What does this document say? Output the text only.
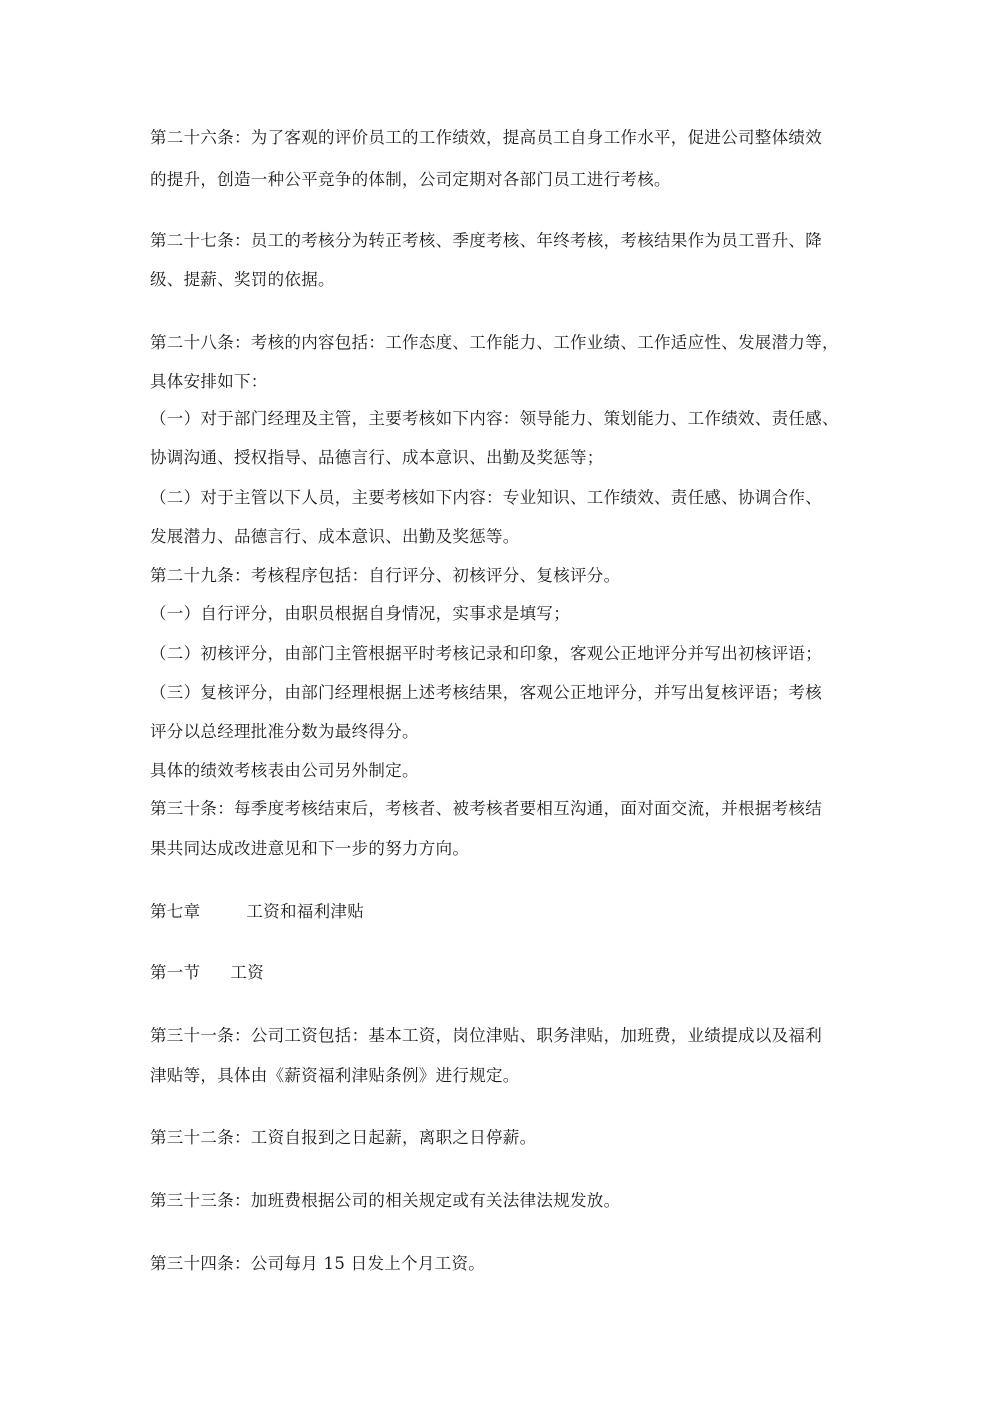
第二十六条：为了客观的评价员工的工作绩效，提高员工自身工作水平，促进公司整体绩效
的提升，创造一种公平竞争的体制，公司定期对各部门员工进行考核。
第二十七条：员工的考核分为转正考核、季度考核、年终考核，考核结果作为员工晋升、降
级、提薪、奖罚的依据。
第二十八条：考核的内容包括：工作态度、工作能力、工作业绩、工作适应性、发展潜力等，
具体安排如下：
（一）对于部门经理及主管，主要考核如下内容：领导能力、策划能力、工作绩效、责任感、
协调沟通、授权指导、品德言行、成本意识、出勤及奖惩等；
（二）对于主管以下人员，主要考核如下内容：专业知识、工作绩效、责任感、协调合作、
发展潜力、品德言行、成本意识、出勤及奖惩等。
第二十九条：考核程序包括：自行评分、初核评分、复核评分。
（一）自行评分，由职员根据自身情况，实事求是填写；
（二）初核评分，由部门主管根据平时考核记录和印象，客观公正地评分并写出初核评语；
（三）复核评分，由部门经理根据上述考核结果，客观公正地评分，并写出复核评语；考核
评分以总经理批准分数为最终得分。
具体的绩效考核表由公司另外制定。
第三十条：每季度考核结束后，考核者、被考核者要相互沟通，面对面交流，并根据考核结
果共同达成改进意见和下一步的努力方向。
第七章	工资和福利津贴
第一节 工资
第三十一条：公司工资包括：基本工资，岗位津贴、职务津贴，加班费，业绩提成以及福利
津贴等，具体由《薪资福利津贴条例》进行规定。
第三十二条：工资自报到之日起薪，离职之日停薪。
第三十三条：加班费根据公司的相关规定或有关法律法规发放。
第三十四条：公司每月 15 日发上个月工资。
